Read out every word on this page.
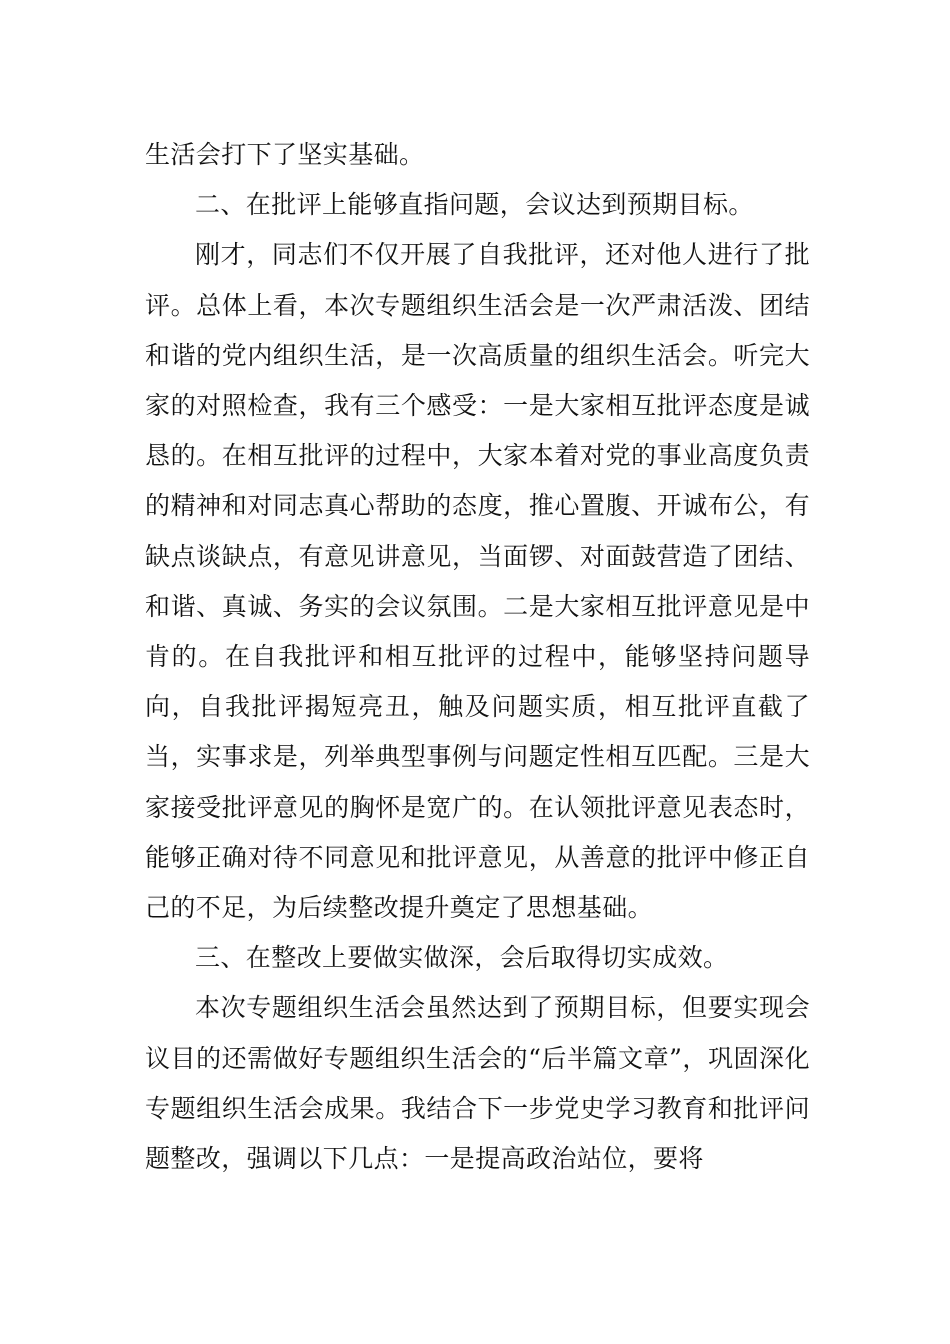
生活会打下了坚实基础。

二、在批评上能够直指问题，会议达到预期目标。

刚才，同志们不仅开展了自我批评，还对他人进行了批评。总体上看，本次专题组织生活会是一次严肃活泼、团结和谐的党内组织生活，是一次高质量的组织生活会。听完大家的对照检查，我有三个感受：一是大家相互批评态度是诚恳的。在相互批评的过程中，大家本着对党的事业高度负责的精神和对同志真心帮助的态度，推心置腹、开诚布公，有缺点谈缺点，有意见讲意见，当面锣、对面鼓营造了团结、和谐、真诚、务实的会议氛围。二是大家相互批评意见是中肯的。在自我批评和相互批评的过程中，能够坚持问题导向，自我批评揭短亮丑，触及问题实质，相互批评直截了当，实事求是，列举典型事例与问题定性相互匹配。三是大家接受批评意见的胸怀是宽广的。在认领批评意见表态时，能够正确对待不同意见和批评意见，从善意的批评中修正自己的不足，为后续整改提升奠定了思想基础。

三、在整改上要做实做深，会后取得切实成效。

本次专题组织生活会虽然达到了预期目标，但要实现会议目的还需做好专题组织生活会的“后半篇文章”，巩固深化专题组织生活会成果。我结合下一步党史学习教育和批评问题整改，强调以下几点：一是提高政治站位，要将
